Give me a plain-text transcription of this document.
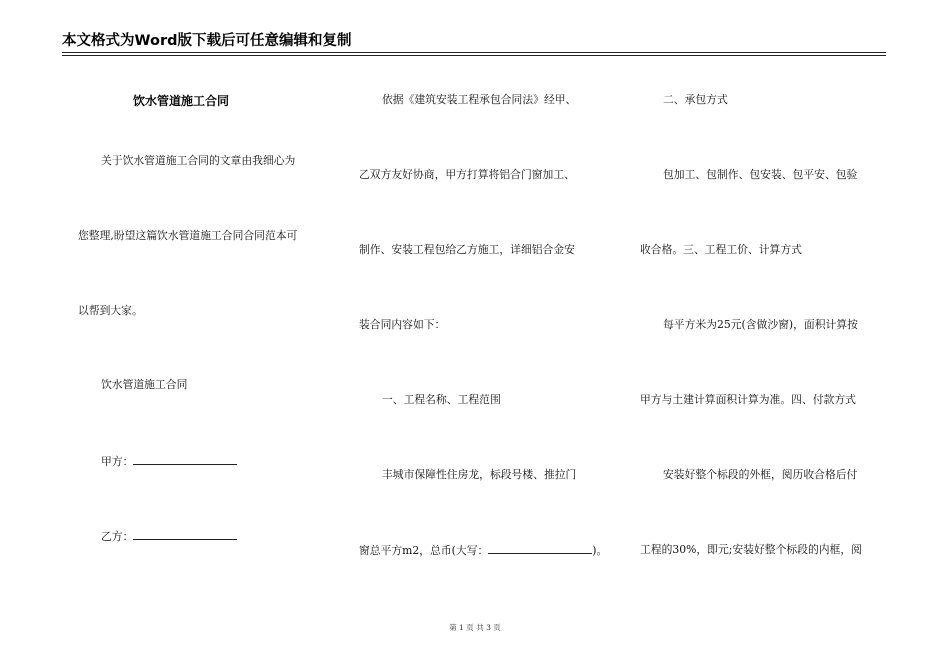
本文格式为Word版下载后可任意编辑和复制
饮水管道施工合同
关于饮水管道施工合同的文章由我细心为
您整理,盼望这篇饮水管道施工合同合同范本可
以帮到大家。
饮水管道施工合同
甲方：
乙方：
依据《建筑安装工程承包合同法》经甲、
乙双方友好协商，甲方打算将铝合门窗加工、
制作、安装工程包给乙方施工，详细铝合金安
装合同内容如下：
一、工程名称、工程范围
丰城市保障性住房龙，标段号楼、推拉门
窗总平方m2，总币(大写：	)。
二、承包方式
包加工、包制作、包安装、包平安、包验
收合格。三、工程工价、计算方式
每平方米为25元(含做沙窗)，面积计算按
甲方与土建计算面积计算为准。四、付款方式
安装好整个标段的外框，阅历收合格后付
工程的30%，即元;安装好整个标段的内框，阅
第 1 页 共 3 页
